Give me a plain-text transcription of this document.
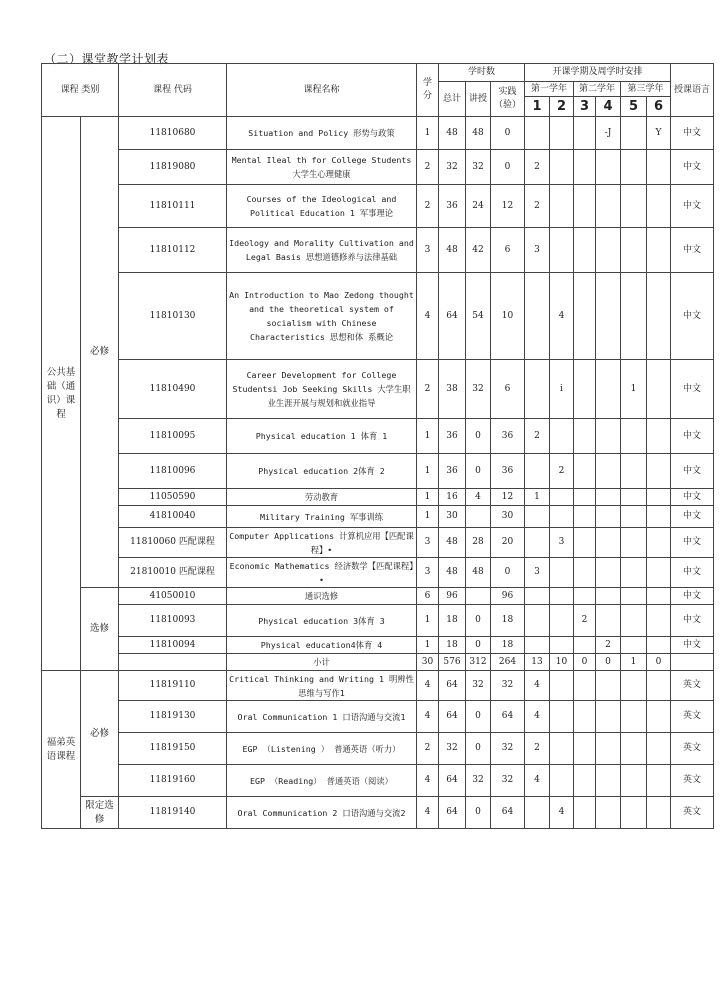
（二）课堂教学计划表
课程 类别		课程 代码	课程名称	学分	学时数			开课学期及周学时安排						授课语言
					总计	讲授	实践（验）	第一学年		第二学年		第三学年		
								1	2	3	4	5	6	
公共基础（通识）课程	必修	11810680	Situation and Policy 形势与政策	1	48	48	0				-J		Y	中文
		11819080	Mental Ileal th for College Students 大学生心理健康	2	32	32	0	2						中文
		11810111	Courses of the Ideological and Political Education 1 军事理论	2	36	24	12	2						中文
		11810112	Ideology and Morality Cultivation and Legal Basis 思想道德修养与法律基础	3	48	42	6	3						中文
		11810130	An Introduction to Mao Zedong thought and the theoretical system of socialism with Chinese Characteristics 思想和体 系概论	4	64	54	10		4					中文
		11810490	Career Development for College Studentsi Job Seeking Skills 大学生职业生涯开展与规划和就业指导	2	38	32	6		i			1		中文
		11810095	Physical education 1 体育 1	1	36	0	36	2						中文
		11810096	Physical education 2体育 2	1	36	0	36		2					中文
		11050590	劳动教育	1	16	4	12	1						中文
		41810040	Military Training 军事训练	1	30		30							中文
		11810060 匹配课程	Computer Applications 计算机应用【匹配课程】•	3	48	28	20		3					中文
		21810010 匹配课程	Economic Mathematics 经济数学【匹配课程】•	3	48	48	0	3						中文
	选修	41050010	通识选修	6	96		96							中文
		11810093	Physical education 3体育 3	1	18	0	18			2				中文
		11810094	Physical education4体育 4	1	18	0	18				2			中文
			小计	30	576	312	264	13	10	0	0	1	0	
福弟英语课程	必修	11819110	Critical Thinking and Writing 1 明辨性思维与写作1	4	64	32	32	4						英文
		11819130	Oral Communication 1 口语沟通与交流1	4	64	0	64	4						英文
		11819150	EGP （Listening ） 普通英语（听力）	2	32	0	32	2						英文
		11819160	EGP （Reading） 普通英语（阅读）	4	64	32	32	4						英文
	限定选修	11819140	Oral Communication 2 口语沟通与交流2	4	64	0	64		4					英文
